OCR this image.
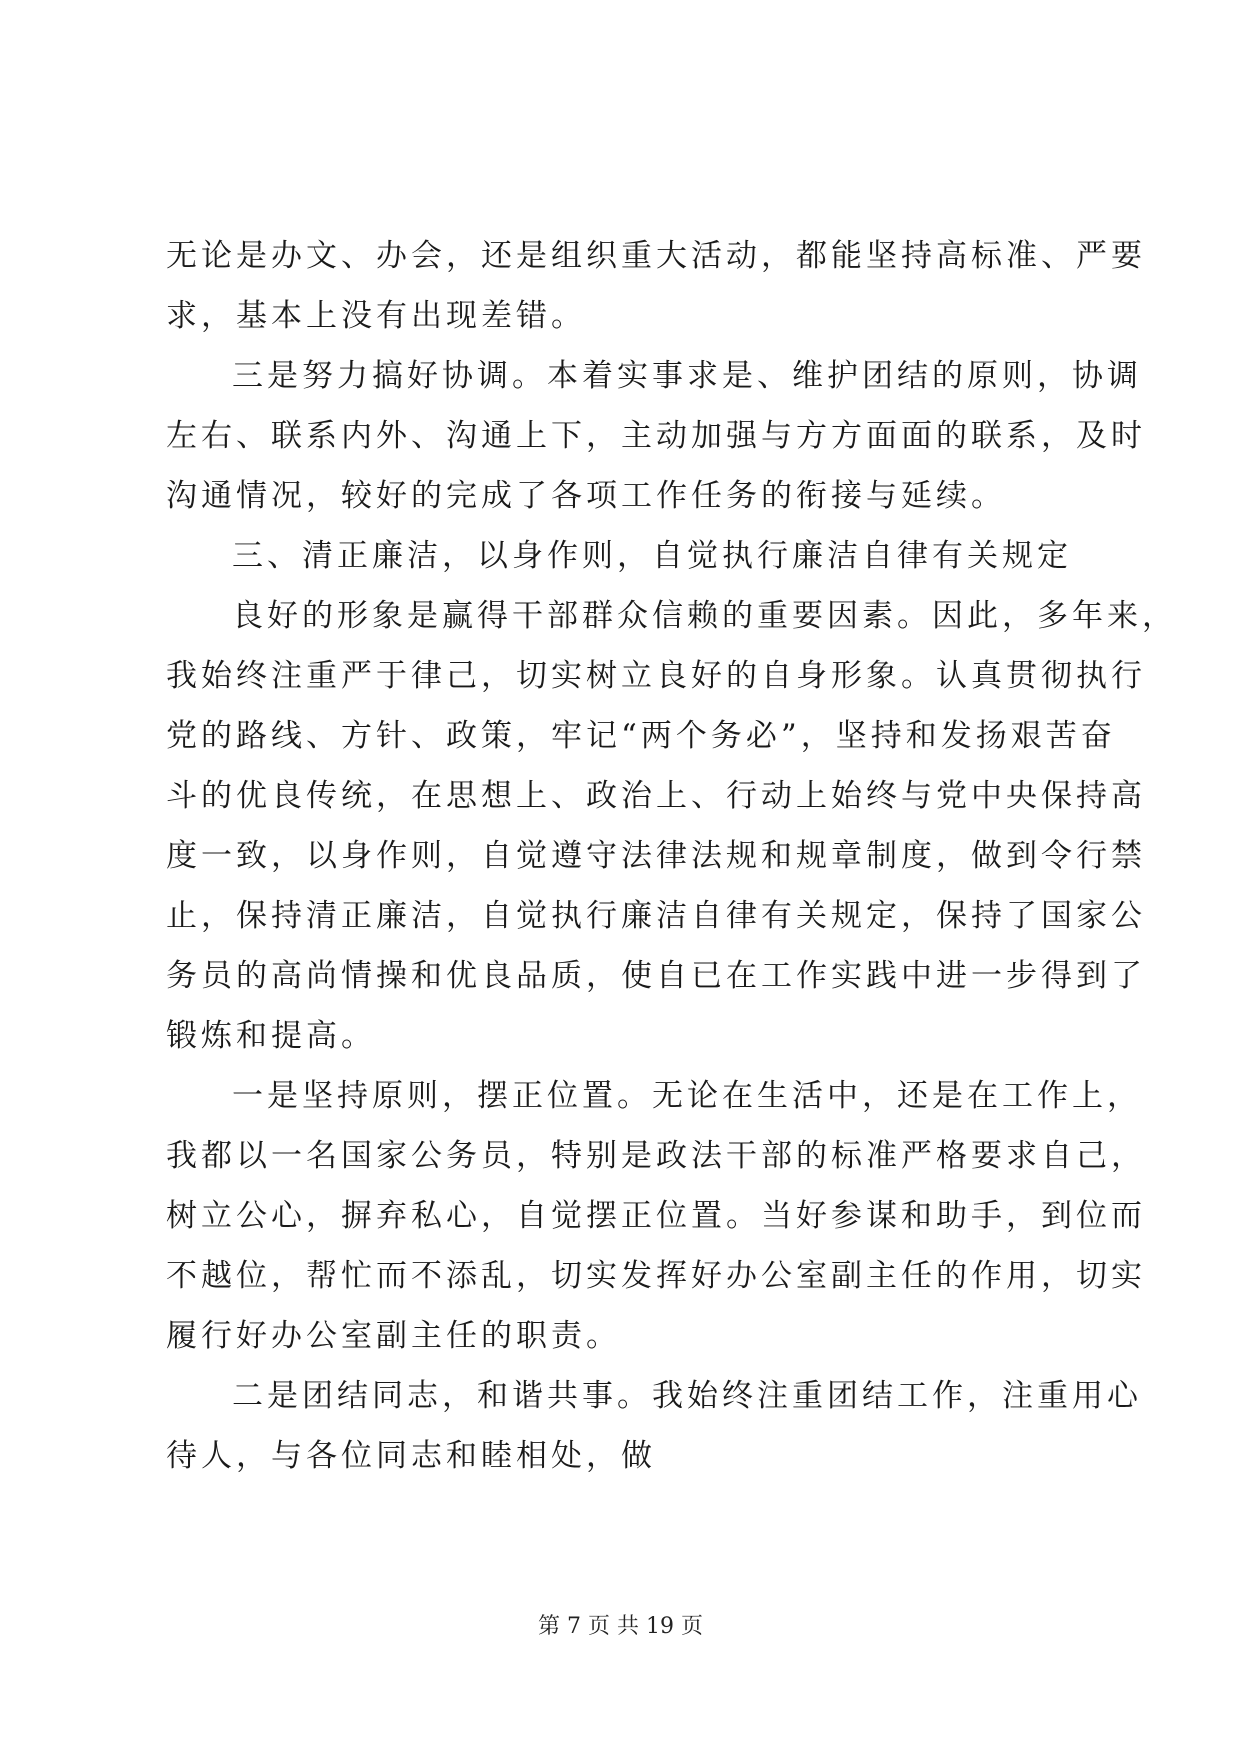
无论是办文、办会，还是组织重大活动，都能坚持高标准、严要
求，基本上没有出现差错。
三是努力搞好协调。本着实事求是、维护团结的原则，协调
左右、联系内外、沟通上下，主动加强与方方面面的联系，及时
沟通情况，较好的完成了各项工作任务的衔接与延续。
三、清正廉洁，以身作则，自觉执行廉洁自律有关规定
良好的形象是赢得干部群众信赖的重要因素。因此，多年来，
我始终注重严于律己，切实树立良好的自身形象。认真贯彻执行
党的路线、方针、政策，牢记“两个务必”，坚持和发扬艰苦奋
斗的优良传统，在思想上、政治上、行动上始终与党中央保持高
度一致，以身作则，自觉遵守法律法规和规章制度，做到令行禁
止，保持清正廉洁，自觉执行廉洁自律有关规定，保持了国家公
务员的高尚情操和优良品质，使自已在工作实践中进一步得到了
锻炼和提高。
一是坚持原则，摆正位置。无论在生活中，还是在工作上，
我都以一名国家公务员，特别是政法干部的标准严格要求自己，
树立公心，摒弃私心，自觉摆正位置。当好参谋和助手，到位而
不越位，帮忙而不添乱，切实发挥好办公室副主任的作用，切实
履行好办公室副主任的职责。
二是团结同志，和谐共事。我始终注重团结工作，注重用心
待人，与各位同志和睦相处，做
第 7 页 共 19 页
